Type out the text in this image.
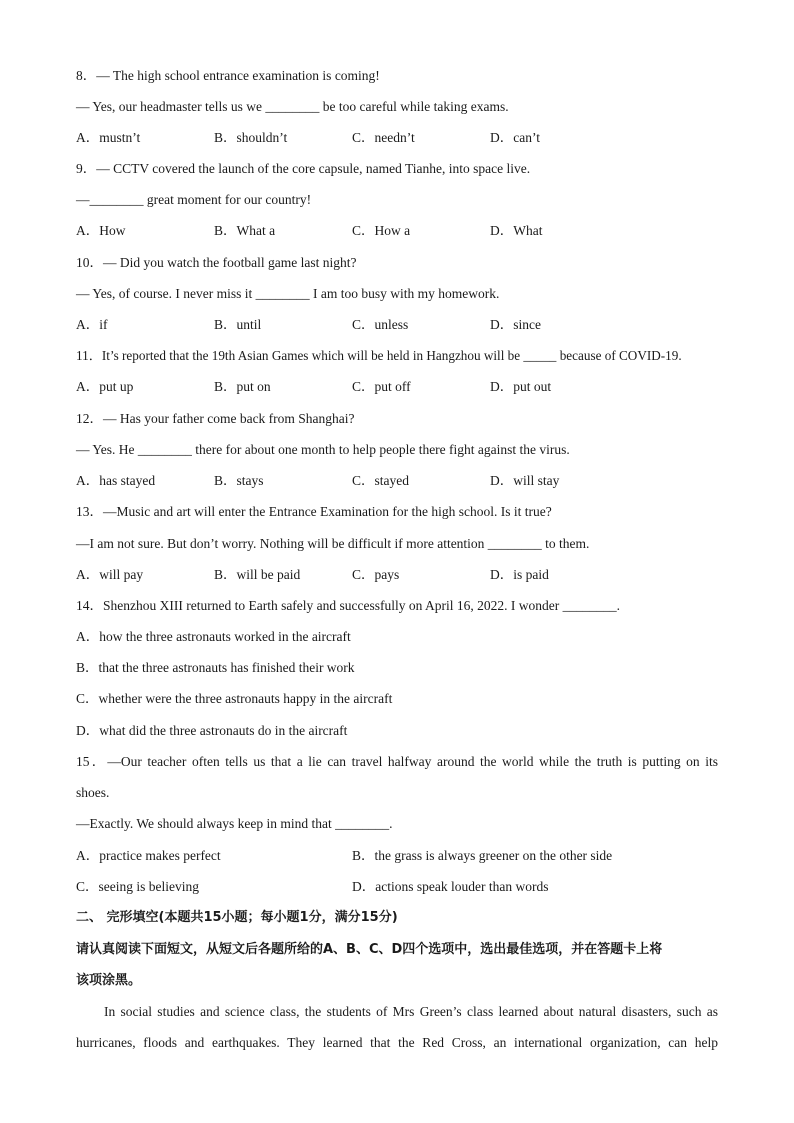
8．— The high school entrance examination is coming!
— Yes, our headmaster tells us we ________ be too careful while taking exams.
A．mustn’t	B．shouldn’t	C．needn’t	D．can’t
9．— CCTV covered the launch of the core capsule, named Tianhe, into space live.
—________ great moment for our country!
A．How	B．What a	C．How a	D．What
10．— Did you watch the football game last night?
— Yes, of course. I never miss it ________ I am too busy with my homework.
A．if	B．until	C．unless	D．since
11．It’s reported that the 19th Asian Games which will be held in Hangzhou will be _____ because of COVID-19.
A．put up	B．put on	C．put off	D．put out
12．— Has your father come back from Shanghai?
— Yes. He ________ there for about one month to help people there fight against the virus.
A．has stayed	B．stays	C．stayed	D．will stay
13．—Music and art will enter the Entrance Examination for the high school. Is it true?
—I am not sure. But don’t worry. Nothing will be difficult if more attention ________ to them.
A．will pay	B．will be paid	C．pays	D．is paid
14．Shenzhou XIII returned to Earth safely and successfully on April 16, 2022. I wonder ________.
A．how the three astronauts worked in the aircraft
B．that the three astronauts has finished their work
C．whether were the three astronauts happy in the aircraft
D．what did the three astronauts do in the aircraft
15．—Our teacher often tells us that a lie can travel halfway around the world while the truth is putting on its
shoes.
—Exactly. We should always keep in mind that ________.
A．practice makes perfect	B．the grass is always greener on the other side
C．seeing is believing	D．actions speak louder than words
二、 完形填空(本题共15小题；每小题1分，满分15分)
请认真阅读下面短文，从短文后各题所给的A、B、C、D四个选项中，选出最佳选项，并在答题卡上将
该项涂黑。
In social studies and science class, the students of Mrs Green’s class learned about natural disasters, such as
hurricanes, floods and earthquakes. They learned that the Red Cross, an international organization, can help
